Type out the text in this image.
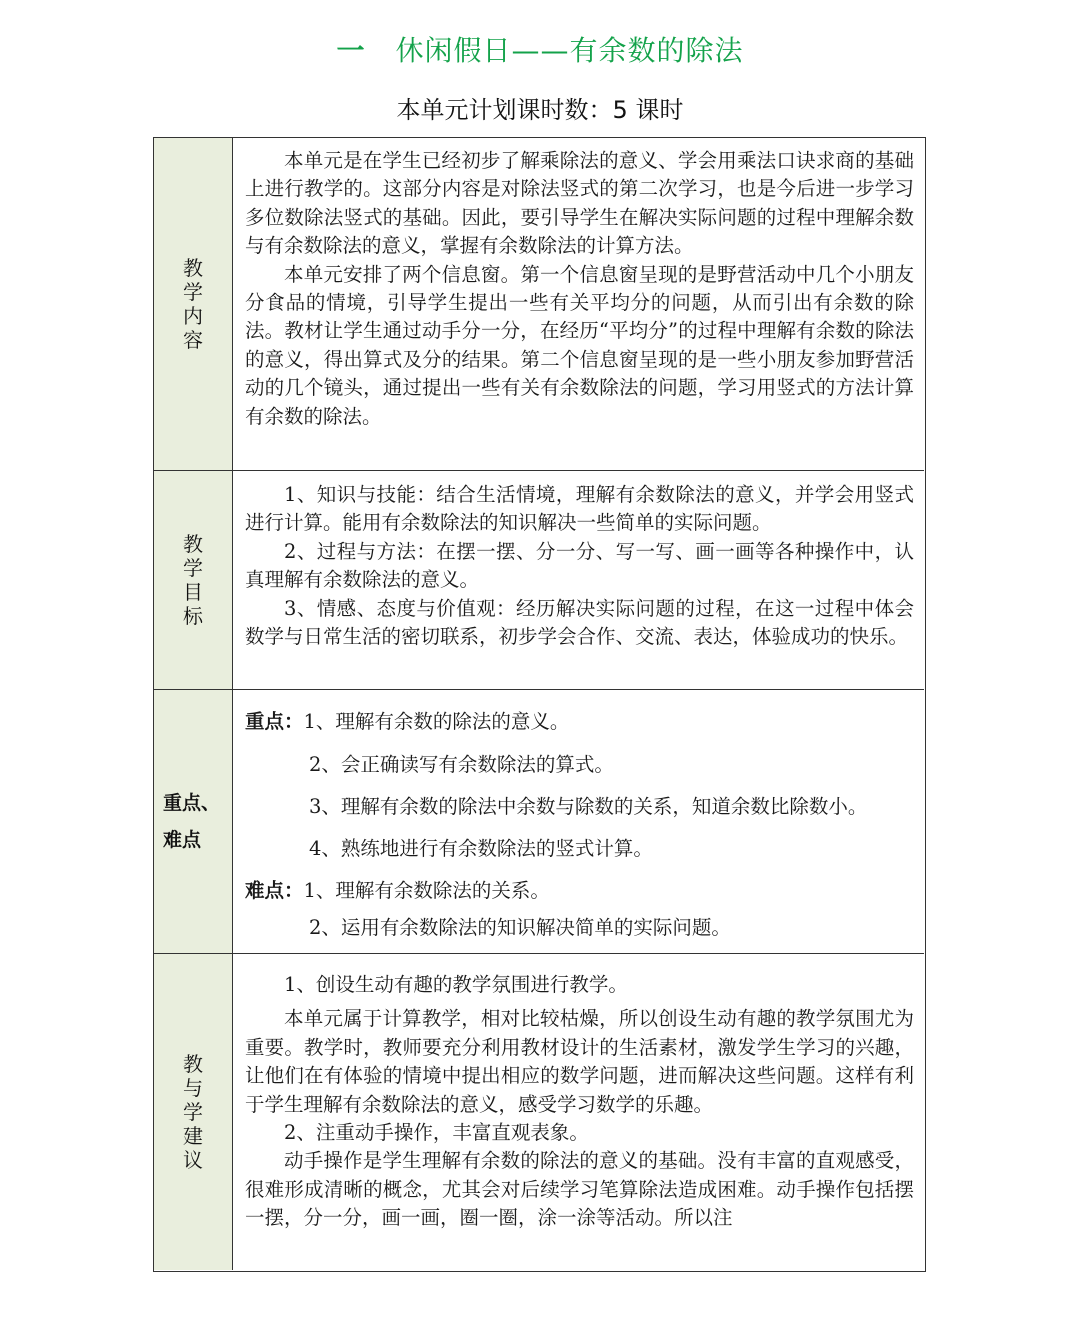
一 休闲假日——有余数的除法
本单元计划课时数：5 课时
教学内容

本单元是在学生已经初步了解乘除法的意义、学会用乘法口诀求商的基础上进行教学的。这部分内容是对除法竖式的第二次学习，也是今后进一步学习多位数除法竖式的基础。因此，要引导学生在解决实际问题的过程中理解余数与有余数除法的意义，掌握有余数除法的计算方法。

本单元安排了两个信息窗。第一个信息窗呈现的是野营活动中几个小朋友分食品的情境，引导学生提出一些有关平均分的问题，从而引出有余数的除法。教材让学生通过动手分一分，在经历“平均分”的过程中理解有余数的除法的意义，得出算式及分的结果。第二个信息窗呈现的是一些小朋友参加野营活动的几个镜头，通过提出一些有关有余数除法的问题，学习用竖式的方法计算有余数的除法。

教学目标

1、知识与技能：结合生活情境，理解有余数除法的意义，并学会用竖式进行计算。能用有余数除法的知识解决一些简单的实际问题。

2、过程与方法：在摆一摆、分一分、写一写、画一画等各种操作中，认真理解有余数除法的意义。

3、情感、态度与价值观：经历解决实际问题的过程，在这一过程中体会数学与日常生活的密切联系，初步学会合作、交流、表达，体验成功的快乐。

重点、
难点
重点：1、理解有余数的除法的意义。
2、会正确读写有余数除法的算式。
3、理解有余数的除法中余数与除数的关系，知道余数比除数小。
4、熟练地进行有余数除法的竖式计算。
难点：1、理解有余数除法的关系。
2、运用有余数除法的知识解决简单的实际问题。
教与学建议

1、创设生动有趣的教学氛围进行教学。

本单元属于计算教学，相对比较枯燥，所以创设生动有趣的教学氛围尤为重要。教学时，教师要充分利用教材设计的生活素材，激发学生学习的兴趣，让他们在有体验的情境中提出相应的数学问题，进而解决这些问题。这样有利于学生理解有余数除法的意义，感受学习数学的乐趣。

2、注重动手操作，丰富直观表象。

动手操作是学生理解有余数的除法的意义的基础。没有丰富的直观感受，很难形成清晰的概念，尤其会对后续学习笔算除法造成困难。动手操作包括摆一摆，分一分，画一画，圈一圈，涂一涂等活动。所以注
